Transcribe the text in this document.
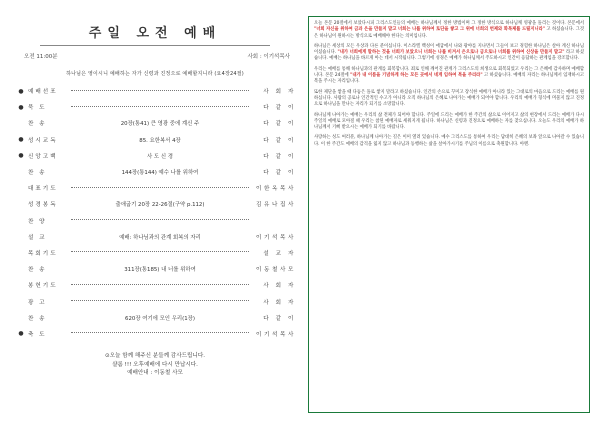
주일 오전 예배
오전 11:00분	사회 : 이기석목사
하나님은 영이시니 예배하는 자가 신령과 진정으로 예배할지니라 (요4장24절)
● 예배선포	사 회 자
● 묵 도	다 같 이
찬 송	20장(통41) 큰 영광 중에 계신 주	다 같 이
● 성시교독	85. 요한복서 4장	다 같 이
● 신앙고백	사 도 신 경	다 같 이
찬 송	144장(통144) 예수 나를 위하여	다 같 이
대표기도	이한옥목사
성경봉독	출애굽기 20장 22-26절(구약 p.112)	김유나집사
찬 양
설 교	예배: 하나님과의 관계 회복의 자리	이기석목사
목회기도	설 교 자
찬 송	311장(통185) 내 너를 위하여	이동철사모
봉헌기도	사 회 자
광 고	사 회 자
찬 송	620장 여기에 모인 우리(1장)	다 같 이
● 축 도	이기석목사
⊙오늘 함께 해주신 분들께 감사드립니다.
샬롬 !!! 오후예배에 다시 만납시다.
예배안내 : 이동철 사모

오늘 본문 20절에서 보았다시피 그리스도인들의 예배는 하나님께서 정한 방법이며 그 정한 방식으로 하나님께 영광을 돌리는 것이다. 본문에서 "너희 자신을 위하여 금과 은을 만들지 말고 너희는 나를 위하여 토단을 쌓고 그 위에 너희의 번제와 화목제를 드릴지니라" 고 하셨습니다. 그것은 하나님이 원하시는 방식으로 예배해야 한다는 의미입니다.

하나님은 세상의 모든 우상과 다른 분이십니다. 이스라엘 백성이 애굽에서 나와 광야를 지나면서 그들이 보고 경험한 하나님은 살아 계신 하나님이셨습니다. "내가 너희에게 말하는 것을 너희가 보았으니 너희는 나를 비겨서 은으로나 금으로나 너희를 위하여 신상을 만들지 말고" 라고 하셨습니다. 예배는 하나님을 바르게 아는 데서 시작됩니다. 그렇기에 성경은 예배가 하나님께서 주도하시고 인간이 응답하는 관계임을 강조합니다.

우리는 예배를 통해 하나님과의 관계를 회복합니다. 죄로 인해 깨어진 관계가 그리스도의 희생으로 회복되었고 우리는 그 은혜에 감사하며 예배합니다. 본문 24절에 "내가 내 이름을 기념하게 하는 모든 곳에서 네게 임하여 복을 주리라" 고 하셨습니다. 예배의 자리는 하나님께서 임재하시고 복을 주시는 자리입니다.

또한 제단을 쌓을 때 다듬은 돌로 쌓지 말라고 하셨습니다. 인간의 손으로 꾸미고 장식한 예배가 아니라 있는 그대로의 마음으로 드리는 예배를 원하십니다. 사람의 공로나 인간적인 수고가 아니라 오직 하나님의 은혜로 나아가는 예배가 되어야 합니다. 우리의 예배가 형식에 머물지 않고 진정으로 하나님을 만나는 자리가 되기를 소망합니다.

하나님께 나아가는 예배는 우리의 삶 전체가 되어야 합니다. 주일에 드리는 예배가 한 주간의 삶으로 이어지고 삶의 현장에서 드리는 예배가 다시 주일의 예배로 모아질 때 우리는 참된 예배자로 세워지게 됩니다. 하나님은 신령과 진정으로 예배하는 자를 찾으십니다. 오늘도 우리의 예배가 하나님께서 기뻐 받으시는 예배가 되기를 바랍니다.

사랑하는 성도 여러분, 하나님께 나아가는 길은 이미 열려 있습니다. 예수 그리스도를 통하여 우리는 담대히 은혜의 보좌 앞으로 나아갈 수 있습니다. 이 한 주간도 예배의 감격을 잃지 않고 하나님과 동행하는 삶을 살아가시기를 주님의 이름으로 축원합니다. 아멘.
